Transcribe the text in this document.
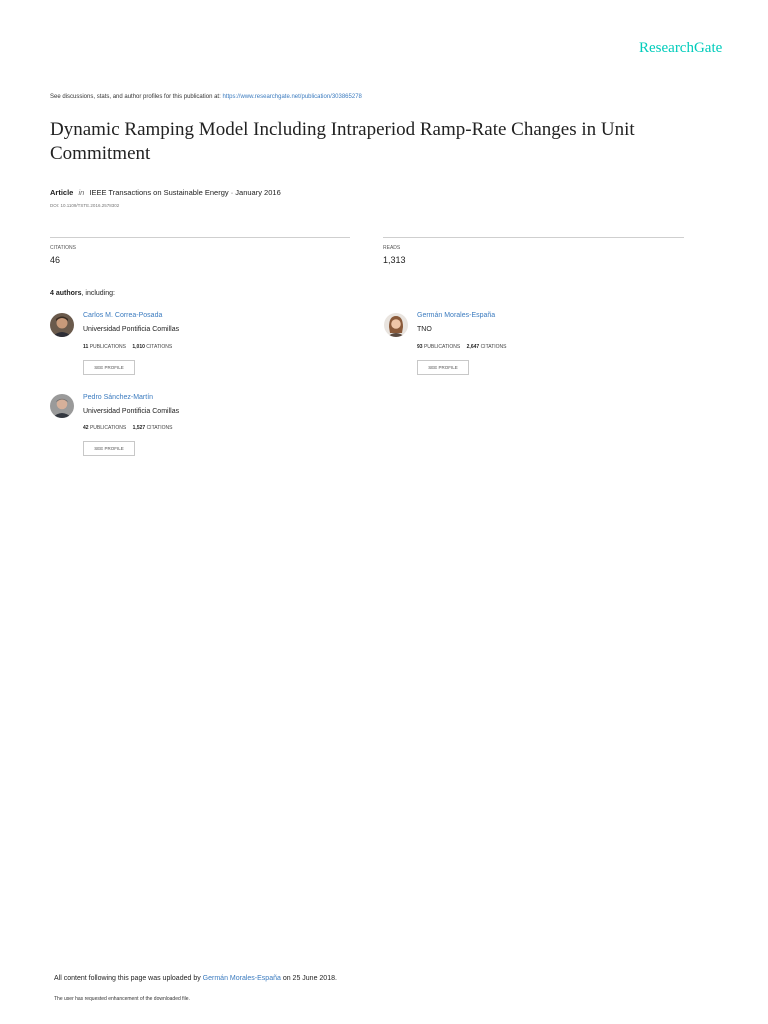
ResearchGate
See discussions, stats, and author profiles for this publication at: https://www.researchgate.net/publication/303865278
Dynamic Ramping Model Including Intraperiod Ramp-Rate Changes in Unit Commitment
Article in IEEE Transactions on Sustainable Energy · January 2016
DOI: 10.1109/TSTE.2016.2578302
CITATIONS
46
READS
1,313
4 authors, including:
Carlos M. Correa-Posada
Universidad Pontificia Comillas
11 PUBLICATIONS 1,010 CITATIONS
SEE PROFILE
Germán Morales-España
TNO
93 PUBLICATIONS 2,647 CITATIONS
SEE PROFILE
Pedro Sánchez-Martín
Universidad Pontificia Comillas
42 PUBLICATIONS 1,527 CITATIONS
SEE PROFILE
All content following this page was uploaded by Germán Morales-España on 25 June 2018.
The user has requested enhancement of the downloaded file.
